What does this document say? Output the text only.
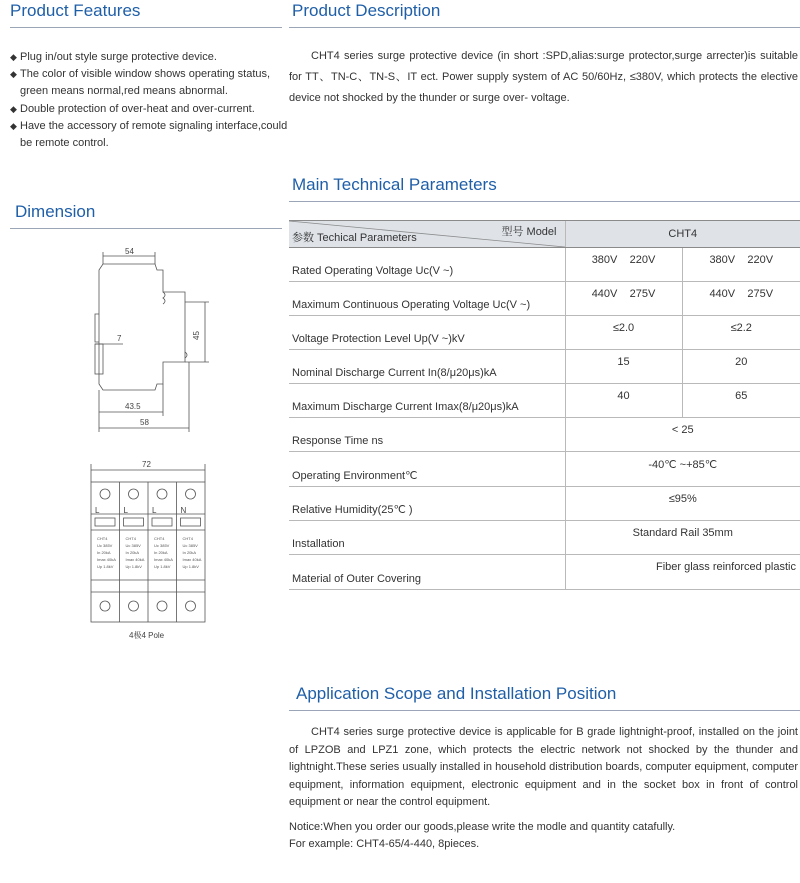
Product Features
◆ Plug in/out style surge protective device.
◆ The color of visible window shows operating status, green means normal,red means abnormal.
◆ Double protection of over-heat and over-current.
◆ Have the accessory of remote signaling interface,could be remote control.
Product Description

CHT4 series surge protective device (in short :SPD,alias:surge protector,surge arrecter)is suitable for TT、TN-C、TN-S、IT ect. Power supply system of AC 50/60Hz, ≤380V, which protects the elective device not shocked by the thunder or surge over- voltage.

Dimension
54
45
7
43.5
58
72
L	L	L	N
CHT4
Uc 385V
In 20kA
Imax 40kA
Up 1.8kV
CHT4
Uc 385V
In 20kA
Imax 40kA
Up 1.8kV
CHT4
Uc 385V
In 20kA
Imax 40kA
Up 1.8kV
CHT4
Uc 385V
In 20kA
Imax 40kA
Up 1.8kV
4极4 Pole
Main Technical Parameters
型号 Model
参数 Techical Parameters	CHT4	
Rated Operating Voltage Uc(V ~)	380V    220V	380V    220V
Maximum Continuous Operating Voltage Uc(V ~)	440V    275V	440V    275V
Voltage Protection Level Up(V ~)kV	≤2.0	≤2.2
Nominal Discharge Current In(8/μ20μs)kA	15	20
Maximum Discharge Current Imax(8/μ20μs)kA	40	65
Response Time ns	< 25	
Operating Environment℃	-40℃ ~+85℃	
Relative Humidity(25℃ )	≤95%	
Installation	Standard Rail 35mm	
Material of Outer Covering	Fiber glass reinforced plastic	
Application Scope and Installation Position

CHT4 series surge protective device is applicable for B grade lightnight-proof, installed on the joint of LPZOB and LPZ1 zone, which protects the electric network not shocked by the thunder and lightnight.These series usually installed in household distribution boards, computer equipment, computer equipment, information equipment, electronic equipment and in the socket box in front of control equipment or near the control equipment.

Notice:When you order our goods,please write the modle and quantity catafully.

For example: CHT4-65/4-440, 8pieces.
